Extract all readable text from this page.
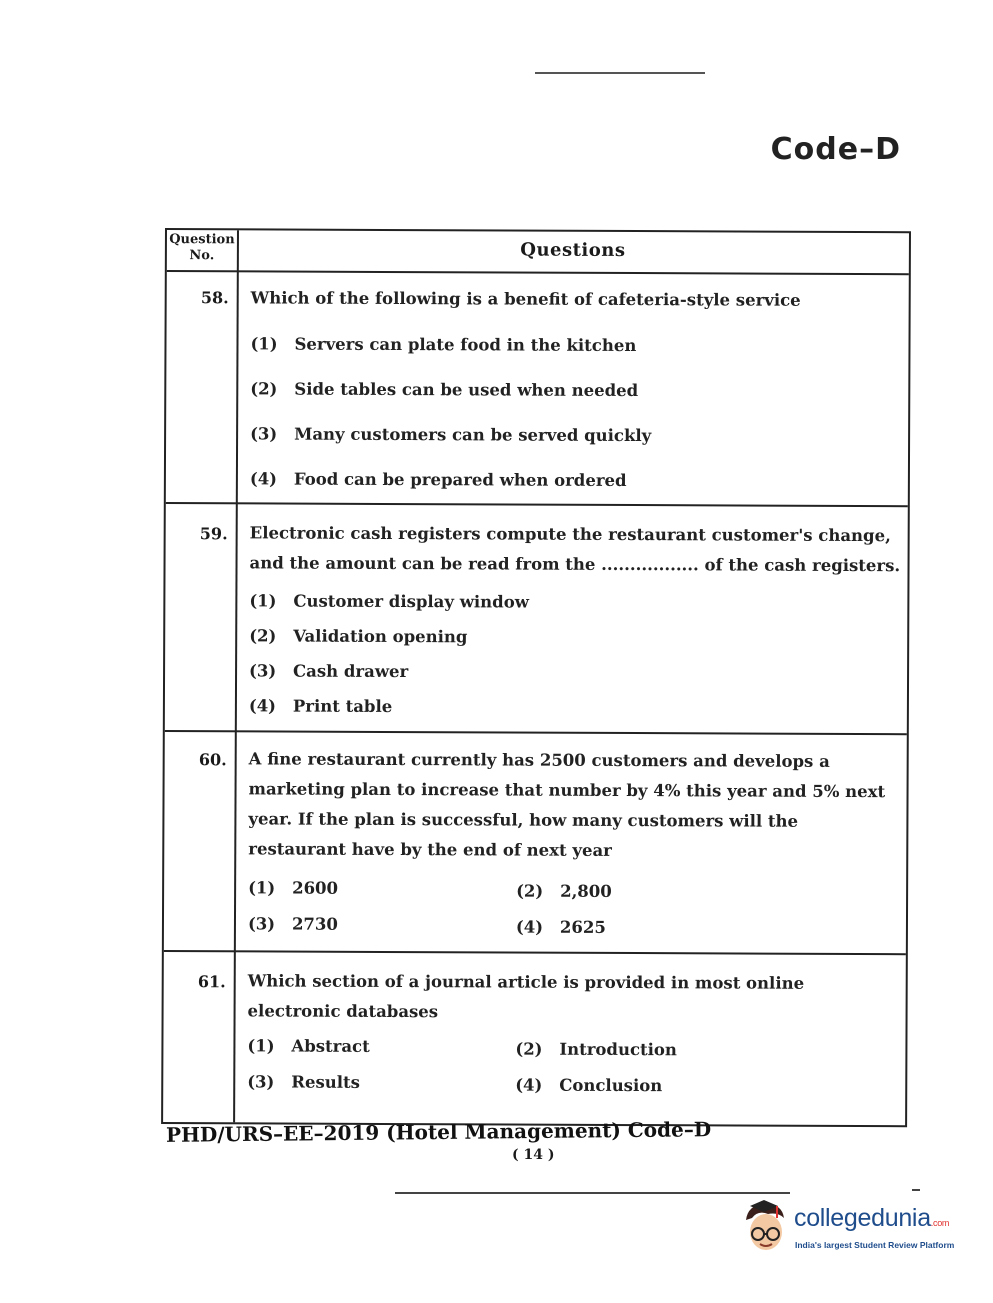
Code–D
Question No.	Questions
58. Which of the following is a benefit of cafeteria-style service
(1) Servers can plate food in the kitchen
(2) Side tables can be used when needed
(3) Many customers can be served quickly
(4) Food can be prepared when ordered
59. Electronic cash registers compute the restaurant customer's change, and the amount can be read from the ................. of the cash registers.
(1) Customer display window
(2) Validation opening
(3) Cash drawer
(4) Print table
60. A fine restaurant currently has 2500 customers and develops a marketing plan to increase that number by 4% this year and 5% next year. If the plan is successful, how many customers will the restaurant have by the end of next year
(1) 2600	(2) 2,800
(3) 2730	(4) 2625
61. Which section of a journal article is provided in most online electronic databases
(1) Abstract	(2) Introduction
(3) Results	(4) Conclusion
PHD/URS–EE–2019 (Hotel Management) Code–D
( 14 )
collegedunia.com
India's largest Student Review Platform
